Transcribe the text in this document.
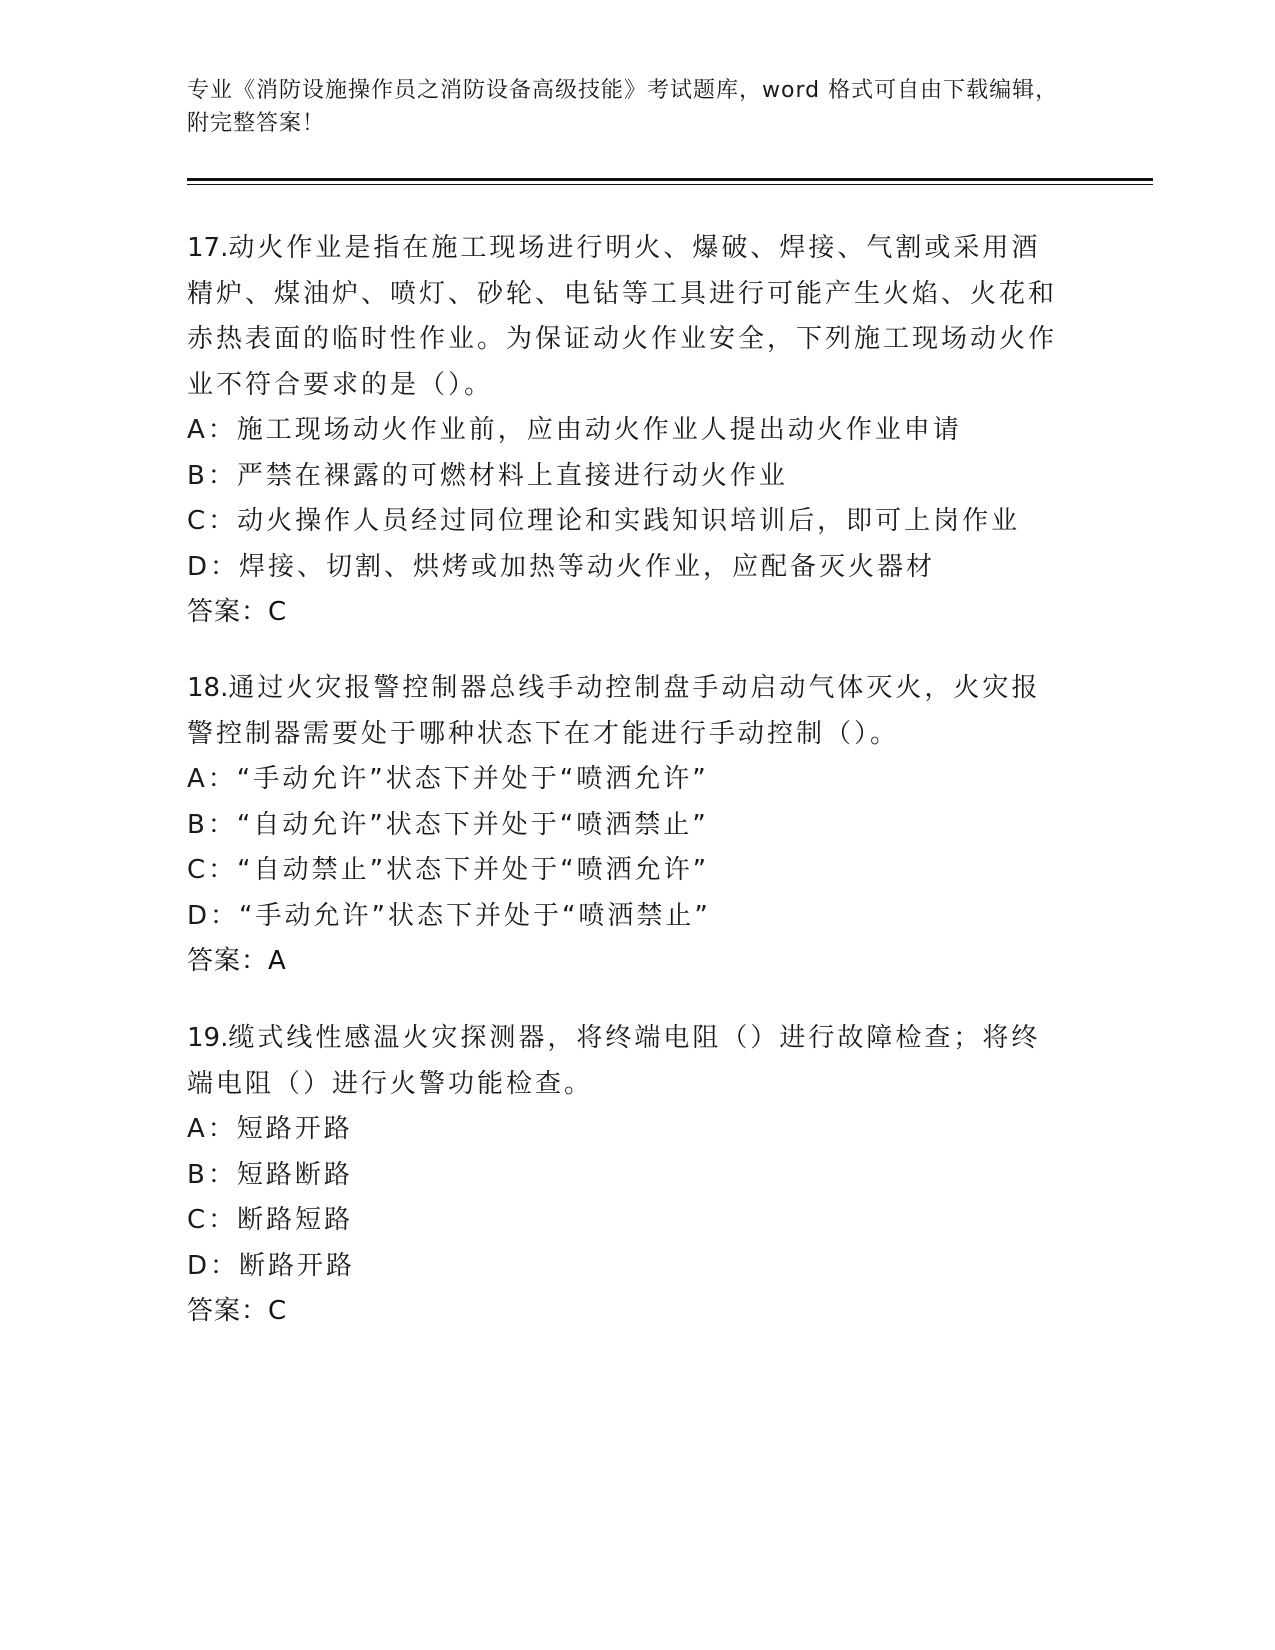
专业《消防设施操作员之消防设备高级技能》考试题库，word 格式可自由下载编辑，附完整答案！
17.动火作业是指在施工现场进行明火、爆破、焊接、气割或采用酒精炉、煤油炉、喷灯、砂轮、电钻等工具进行可能产生火焰、火花和赤热表面的临时性作业。为保证动火作业安全，下列施工现场动火作业不符合要求的是（）。
A：施工现场动火作业前，应由动火作业人提出动火作业申请
B：严禁在裸露的可燃材料上直接进行动火作业
C：动火操作人员经过同位理论和实践知识培训后，即可上岗作业
D：焊接、切割、烘烤或加热等动火作业，应配备灭火器材
答案：C
18.通过火灾报警控制器总线手动控制盘手动启动气体灭火，火灾报警控制器需要处于哪种状态下在才能进行手动控制（）。
A：“手动允许”状态下并处于“喷洒允许”
B：“自动允许”状态下并处于“喷洒禁止”
C：“自动禁止”状态下并处于“喷洒允许”
D：“手动允许”状态下并处于“喷洒禁止”
答案：A
19.缆式线性感温火灾探测器，将终端电阻（）进行故障检查；将终端电阻（）进行火警功能检查。
A：短路开路
B：短路断路
C：断路短路
D：断路开路
答案：C
